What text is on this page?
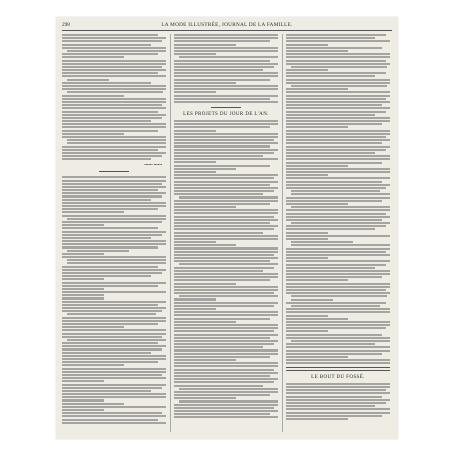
298	LA MODE ILLUSTRÉE, JOURNAL DE LA FAMILLE.
•••••• ••••••
LES PROJETS DU JOUR DE L'AN.
LE BOUT DU FOSSÉ.
